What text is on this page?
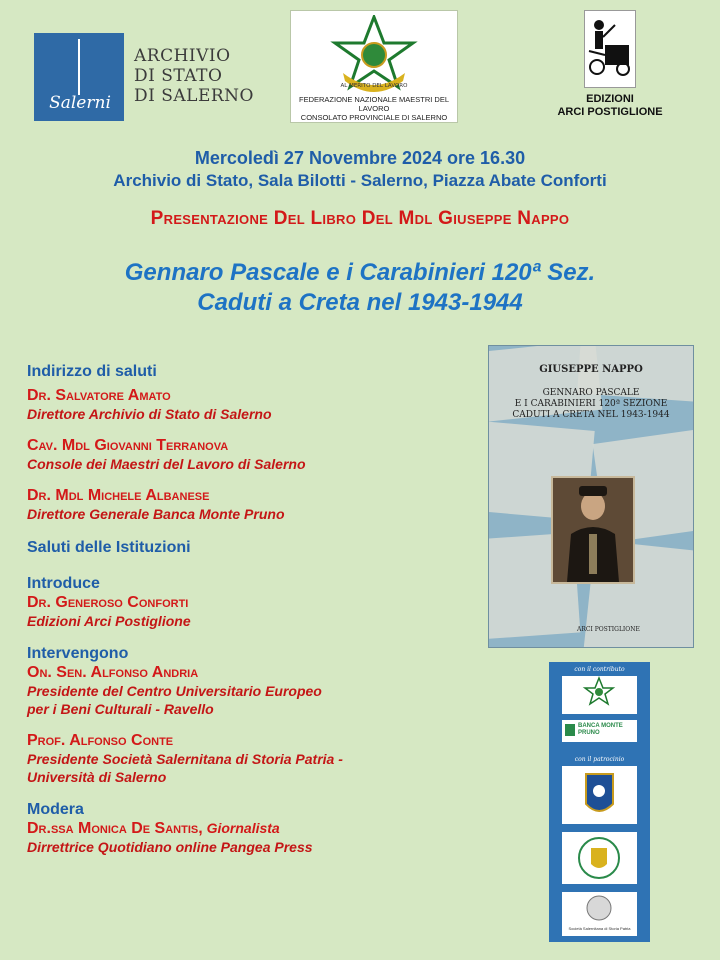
Salerni
ARCHIVIO
DI STATO
DI SALERNO	AL MERITO DEL LAVORO
FEDERAZIONE NAZIONALE MAESTRI DEL LAVORO
CONSOLATO PROVINCIALE DI SALERNO
EDIZIONI
ARCI POSTIGLIONE
Mercoledì 27 Novembre 2024 ore 16.30
Archivio di Stato, Sala Bilotti - Salerno, Piazza Abate Conforti
Presentazione Del Libro Del Mdl Giuseppe Nappo
Gennaro Pascale e i Carabinieri 120ª Sez.
Caduti a Creta nel 1943-1944
Indirizzo di saluti
Dr. Salvatore Amato
Direttore Archivio di Stato di Salerno
Cav. Mdl Giovanni Terranova
Console dei Maestri del Lavoro di Salerno
Dr. Mdl Michele Albanese
Direttore Generale Banca Monte Pruno
Saluti delle Istituzioni
Introduce
Dr. Generoso Conforti
Edizioni Arci Postiglione
Intervengono
On. Sen. Alfonso Andria
Presidente del Centro Universitario Europeo
per i Beni Culturali - Ravello
Prof. Alfonso Conte
Presidente Società Salernitana di Storia Patria -
Università di Salerno
Modera
Dr.ssa Monica De Santis, Giornalista
Dirrettrice Quotidiano online Pangea Press
GIUSEPPE NAPPO
GENNARO PASCALE
E I CARABINIERI 120ª SEZIONE
CADUTI A CRETA NEL 1943-1944
ARCI POSTIGLIONE
con il contributo
BANCA MONTE PRUNO
con il patrocinio
Società Salernitana di Storia Patria
